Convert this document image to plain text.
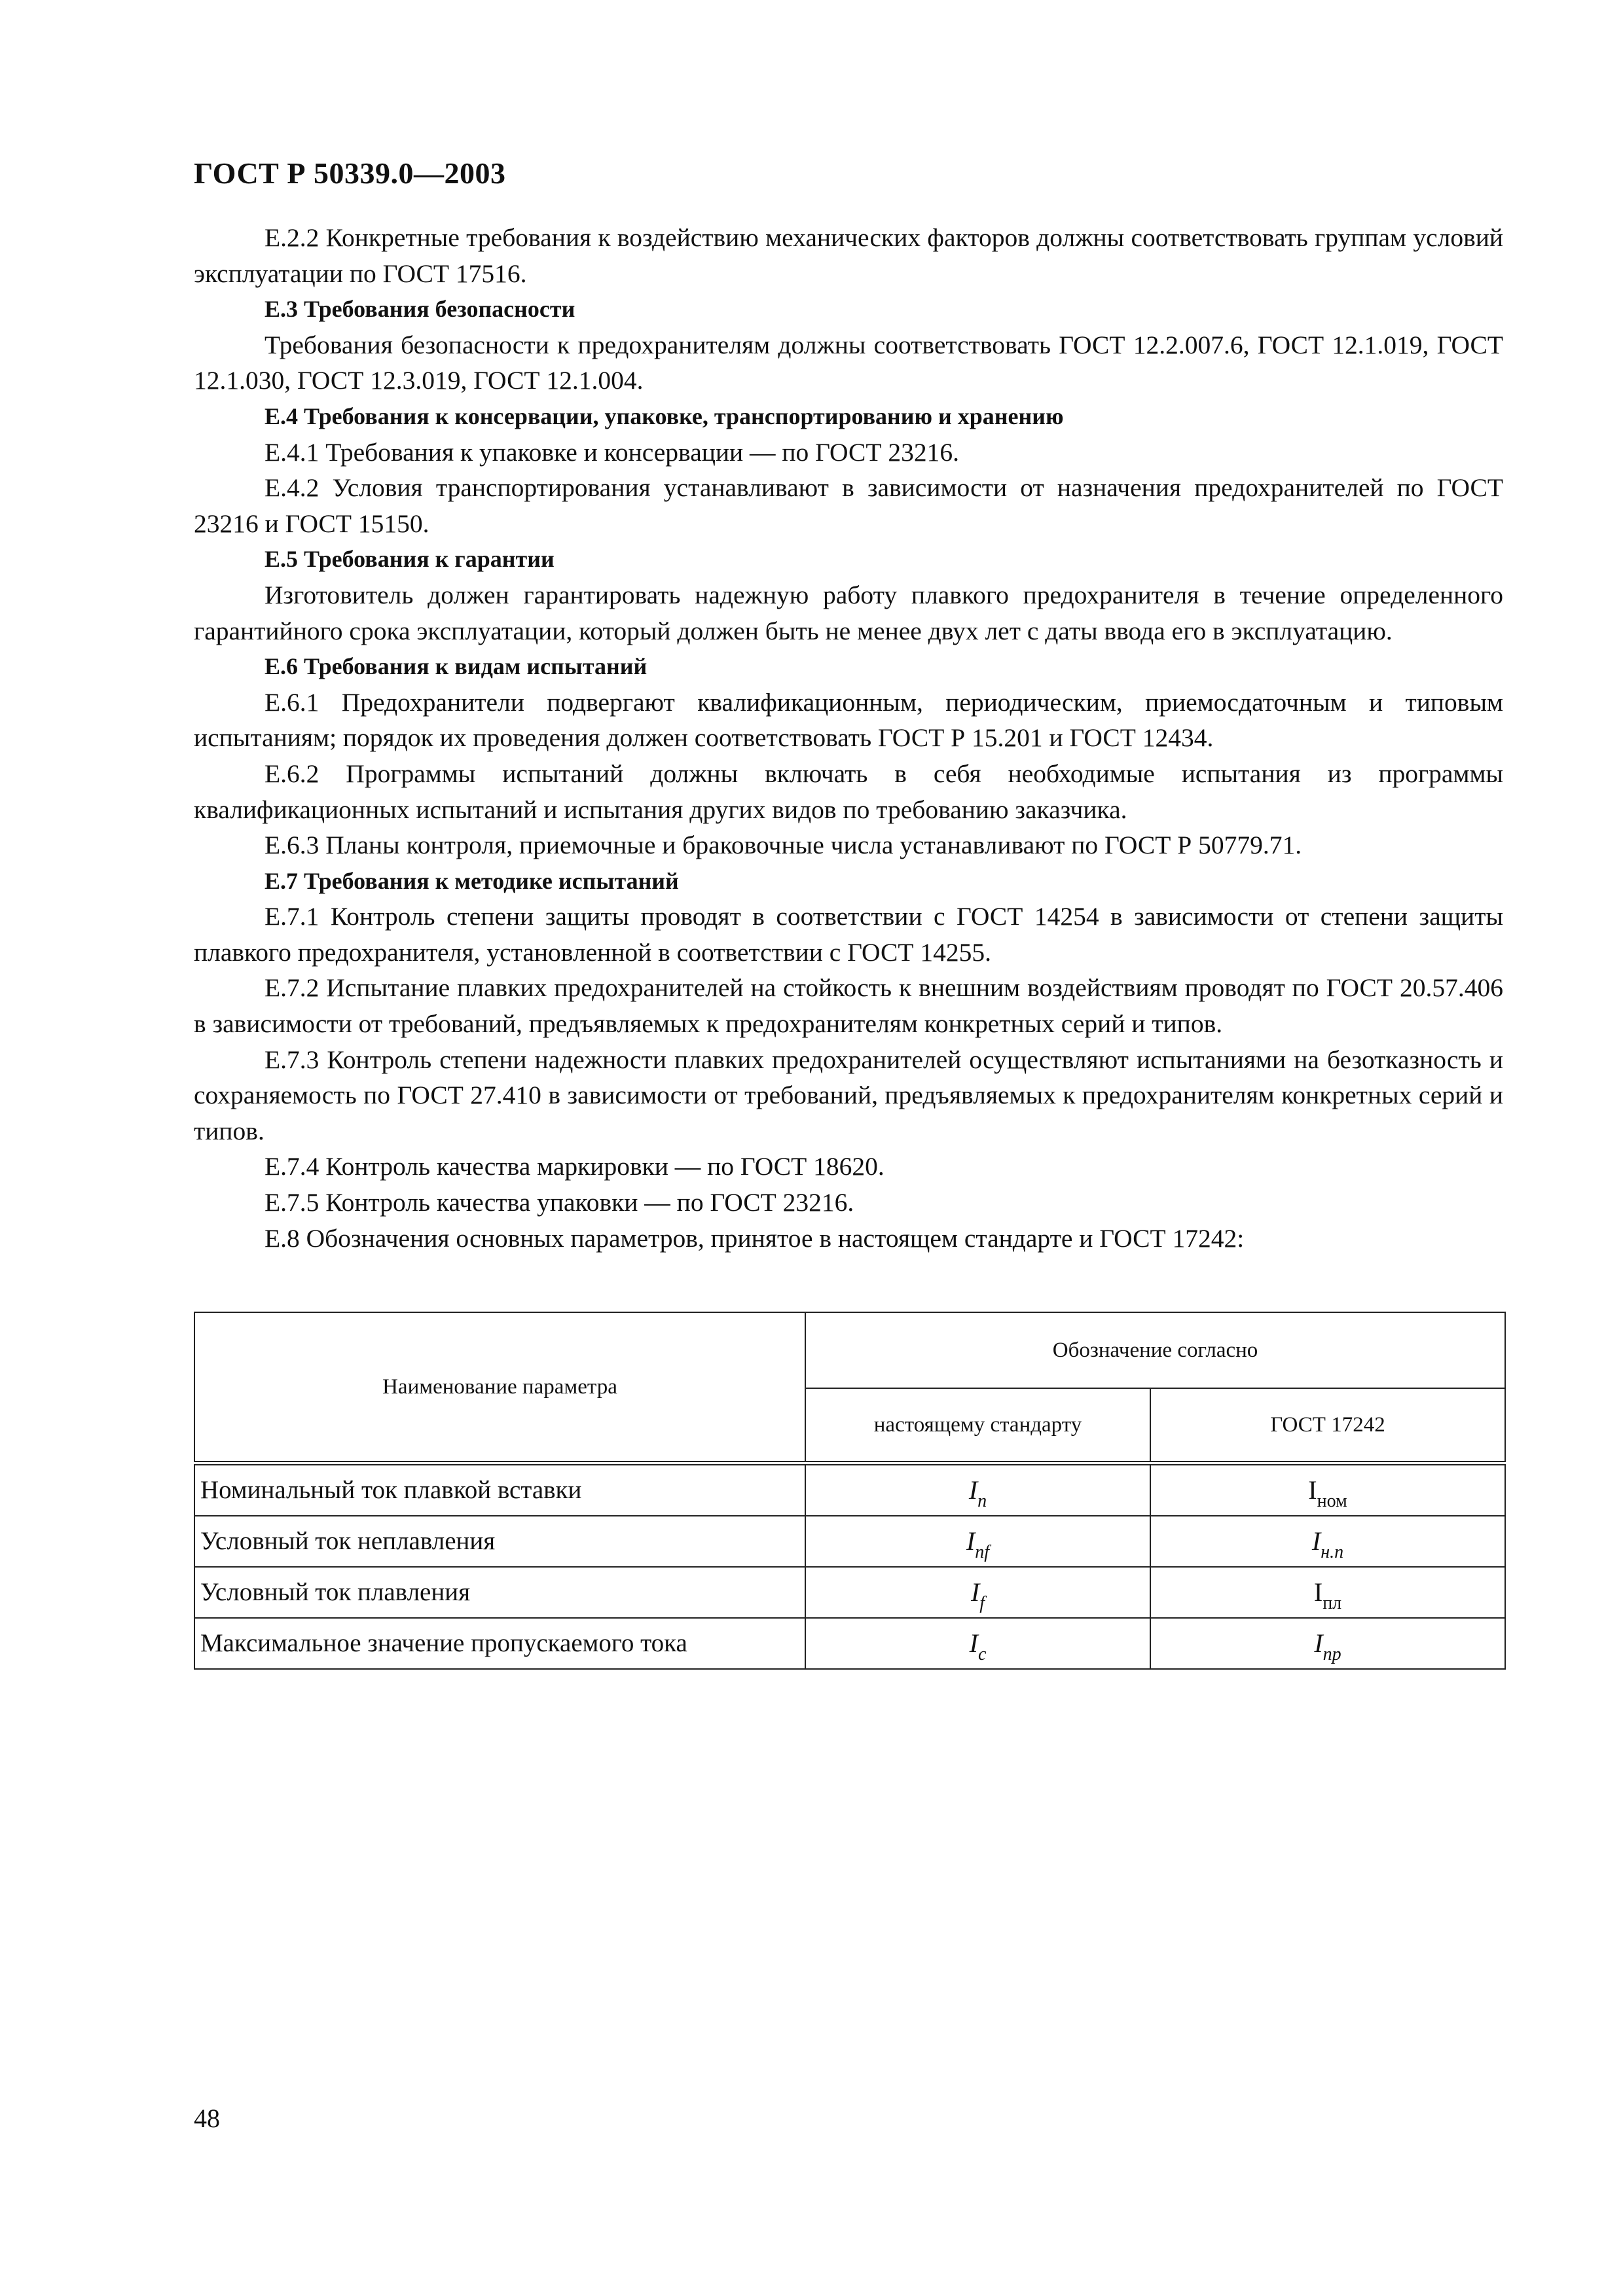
ГОСТ Р 50339.0—2003

Е.2.2 Конкретные требования к воздействию механических факторов должны соответствовать группам условий эксплуатации по ГОСТ 17516.

Е.3 Требования безопасности

Требования безопасности к предохранителям должны соответствовать ГОСТ 12.2.007.6, ГОСТ 12.1.019, ГОСТ 12.1.030, ГОСТ 12.3.019, ГОСТ 12.1.004.

Е.4 Требования к консервации, упаковке, транспортированию и хранению

Е.4.1 Требования к упаковке и консервации — по ГОСТ 23216.

Е.4.2 Условия транспортирования устанавливают в зависимости от назначения предохранителей по ГОСТ 23216 и ГОСТ 15150.

Е.5 Требования к гарантии

Изготовитель должен гарантировать надежную работу плавкого предохранителя в течение определенного гарантийного срока эксплуатации, который должен быть не менее двух лет с даты ввода его в эксплуатацию.

Е.6 Требования к видам испытаний

Е.6.1 Предохранители подвергают квалификационным, периодическим, приемосдаточным и типовым испытаниям; порядок их проведения должен соответствовать ГОСТ Р 15.201 и ГОСТ 12434.

Е.6.2 Программы испытаний должны включать в себя необходимые испытания из программы квалификационных испытаний и испытания других видов по требованию заказчика.

Е.6.3 Планы контроля, приемочные и браковочные числа устанавливают по ГОСТ Р 50779.71.

Е.7 Требования к методике испытаний

Е.7.1 Контроль степени защиты проводят в соответствии с ГОСТ 14254 в зависимости от степени защиты плавкого предохранителя, установленной в соответствии с ГОСТ 14255.

Е.7.2 Испытание плавких предохранителей на стойкость к внешним воздействиям проводят по ГОСТ 20.57.406 в зависимости от требований, предъявляемых к предохранителям конкретных серий и типов.

Е.7.3 Контроль степени надежности плавких предохранителей осуществляют испытаниями на безотказность и сохраняемость по ГОСТ 27.410 в зависимости от требований, предъявляемых к предохранителям конкретных серий и типов.

Е.7.4 Контроль качества маркировки — по ГОСТ 18620.

Е.7.5 Контроль качества упаковки — по ГОСТ 23216.

Е.8 Обозначения основных параметров, принятое в настоящем стандарте и ГОСТ 17242:

Наименование параметра	Обозначение согласно	
	настоящему стандарту	ГОСТ 17242
Номинальный ток плавкой вставки	$I_n$	$I_{ном}$
Условный ток неплавления	$I_{nf}$	$I_{н.п}$
Условный ток плавления	$I_f$	$I_{пл}$
Максимальное значение пропускаемого тока	$I_c$	$I_{пр}$
48
